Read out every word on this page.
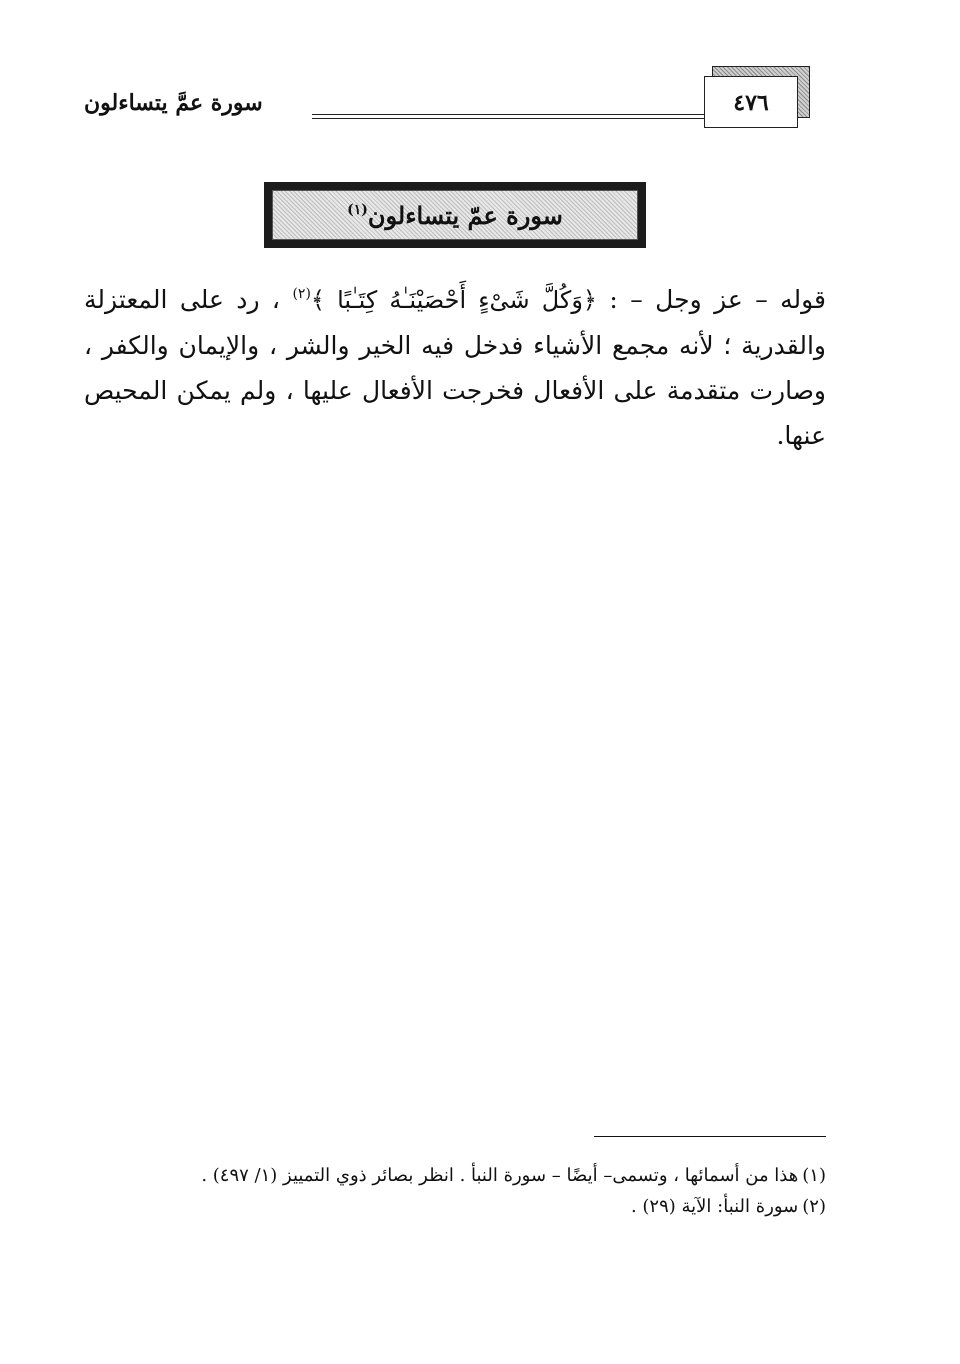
سورة عمَّ يتساءلون	٤٧٦
سورة عمّ يتساءلون$^{(١)}$
قوله – عز وجل – : ﴿وَكُلَّ شَىْءٍ أَحْصَيْنَـٰهُ كِتَـٰبًا ﴾$^{(٢)}$ ، رد على المعتزلة والقدرية ؛ لأنه مجمع الأشياء فدخل فيه الخير والشر ، والإيمان والكفر ، وصارت متقدمة على الأفعال فخرجت الأفعال عليها ، ولم يمكن المحيص عنها.

(١)هذا من أسمائها ، وتسمى– أيضًا – سورة النبأ . انظر بصائر ذوي التمييز (١/ ٤٩٧) .

(٢)سورة النبأ: الآية (٢٩) .
